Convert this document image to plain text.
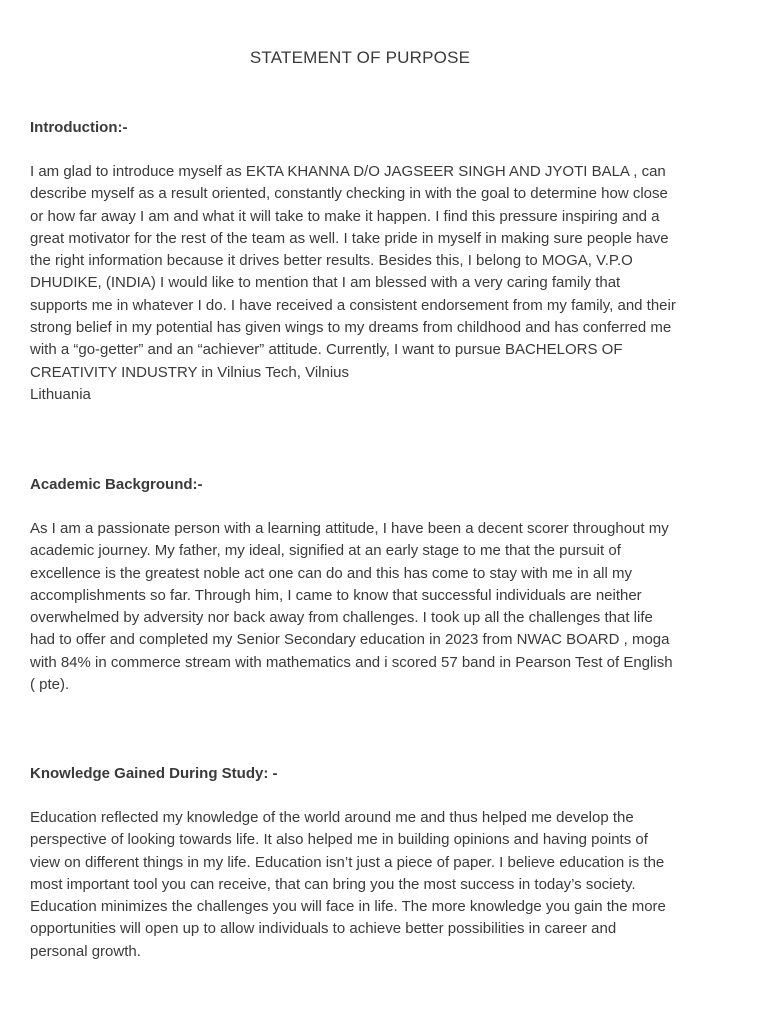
STATEMENT OF PURPOSE
Introduction:-
I am glad to introduce myself as EKTA KHANNA D/O JAGSEER SINGH AND JYOTI BALA , can
describe myself as a result oriented, constantly checking in with the goal to determine how close
or how far away I am and what it will take to make it happen. I find this pressure inspiring and a
great motivator for the rest of the team as well. I take pride in myself in making sure people have
the right information because it drives better results. Besides this, I belong to MOGA, V.P.O
DHUDIKE, (INDIA) I would like to mention that I am blessed with a very caring family that
supports me in whatever I do. I have received a consistent endorsement from my family, and their
strong belief in my potential has given wings to my dreams from childhood and has conferred me
with a “go-getter” and an “achiever” attitude. Currently, I want to pursue BACHELORS OF
CREATIVITY INDUSTRY in Vilnius Tech, Vilnius
Lithuania
Academic Background:-
As I am a passionate person with a learning attitude, I have been a decent scorer throughout my
academic journey. My father, my ideal, signified at an early stage to me that the pursuit of
excellence is the greatest noble act one can do and this has come to stay with me in all my
accomplishments so far. Through him, I came to know that successful individuals are neither
overwhelmed by adversity nor back away from challenges. I took up all the challenges that life
had to offer and completed my Senior Secondary education in 2023 from NWAC BOARD , moga
with 84% in commerce stream with mathematics and i scored 57 band in Pearson Test of English
( pte).
Knowledge Gained During Study: -
Education reflected my knowledge of the world around me and thus helped me develop the
perspective of looking towards life. It also helped me in building opinions and having points of
view on different things in my life. Education isn’t just a piece of paper. I believe education is the
most important tool you can receive, that can bring you the most success in today’s society.
Education minimizes the challenges you will face in life. The more knowledge you gain the more
opportunities will open up to allow individuals to achieve better possibilities in career and
personal growth.
